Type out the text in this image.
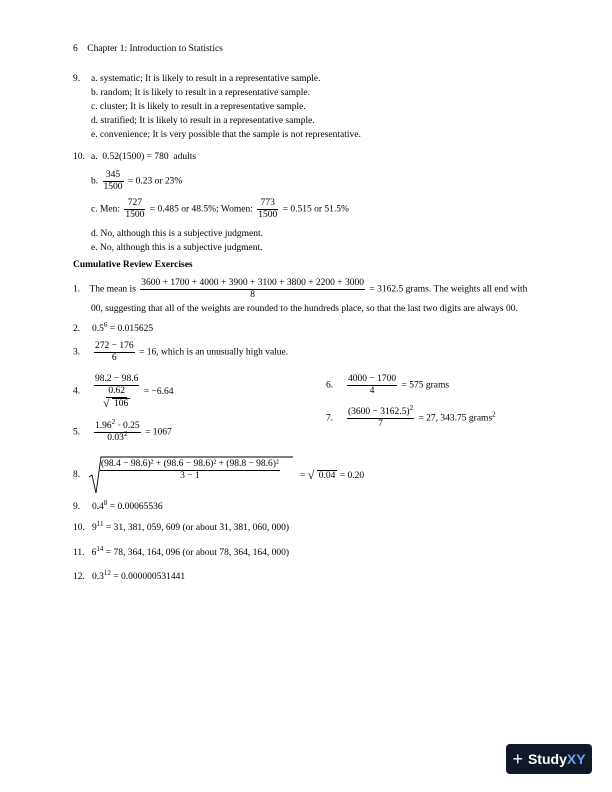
6 Chapter 1: Introduction to Statistics
9. a. systematic; It is likely to result in a representative sample.
b. random; It is likely to result in a representative sample.
c. cluster; It is likely to result in a representative sample.
d. stratified; It is likely to result in a representative sample.
e. convenience; It is very possible that the sample is not representative.
10. a. 0.52(1500) = 780 adults
b. $\frac{345}{1500} = 0.23$ or 23%
c. Men: $\frac{727}{1500} = 0.485$ or 48.5%; Women: $\frac{773}{1500} = 0.515$ or 51.5%
d. No, although this is a subjective judgment.
e. No, although this is a subjective judgment.
Cumulative Review Exercises
1. The mean is $\frac{3600 + 1700 + 4000 + 3900 + 3100 + 3800 + 2200 + 3000}{8} = 3162.5$ grams. The weights all end with
00, suggesting that all of the weights are rounded to the hundreds place, so that the last two digits are always 00.
2. $0.5^6 = 0.015625$
3. $\frac{272 - 176}{6} = 16$, which is an unusually high value.
4.
98.2 − 98.6
0.62
√ 106
= −6.64
5. $\frac{1.96^2 \cdot 0.25}{0.03^2} = 1067$
6. $\frac{4000 - 1700}{4} = 575$ grams
7. $\frac{(3600 - 3162.5)^2}{7} = 27$, 343.75 grams$^2$
8. $\frac{\text{(98.4 − 98.6)² + (98.6 − 98.6)² + (98.8 − 98.6)²}}{3 - 1}$ = √ 0.04 = 0.20
9. $0.4^8 = 0.00065536$
10. $9^{11} = 31$, 381, 059, 609 (or about 31, 381, 060, 000)
11. $6^{14} = 78$, 364, 164, 096 (or about 78, 364, 164, 000)
12. $0.3^{12} = 0.000000531441$
+ Study XY
